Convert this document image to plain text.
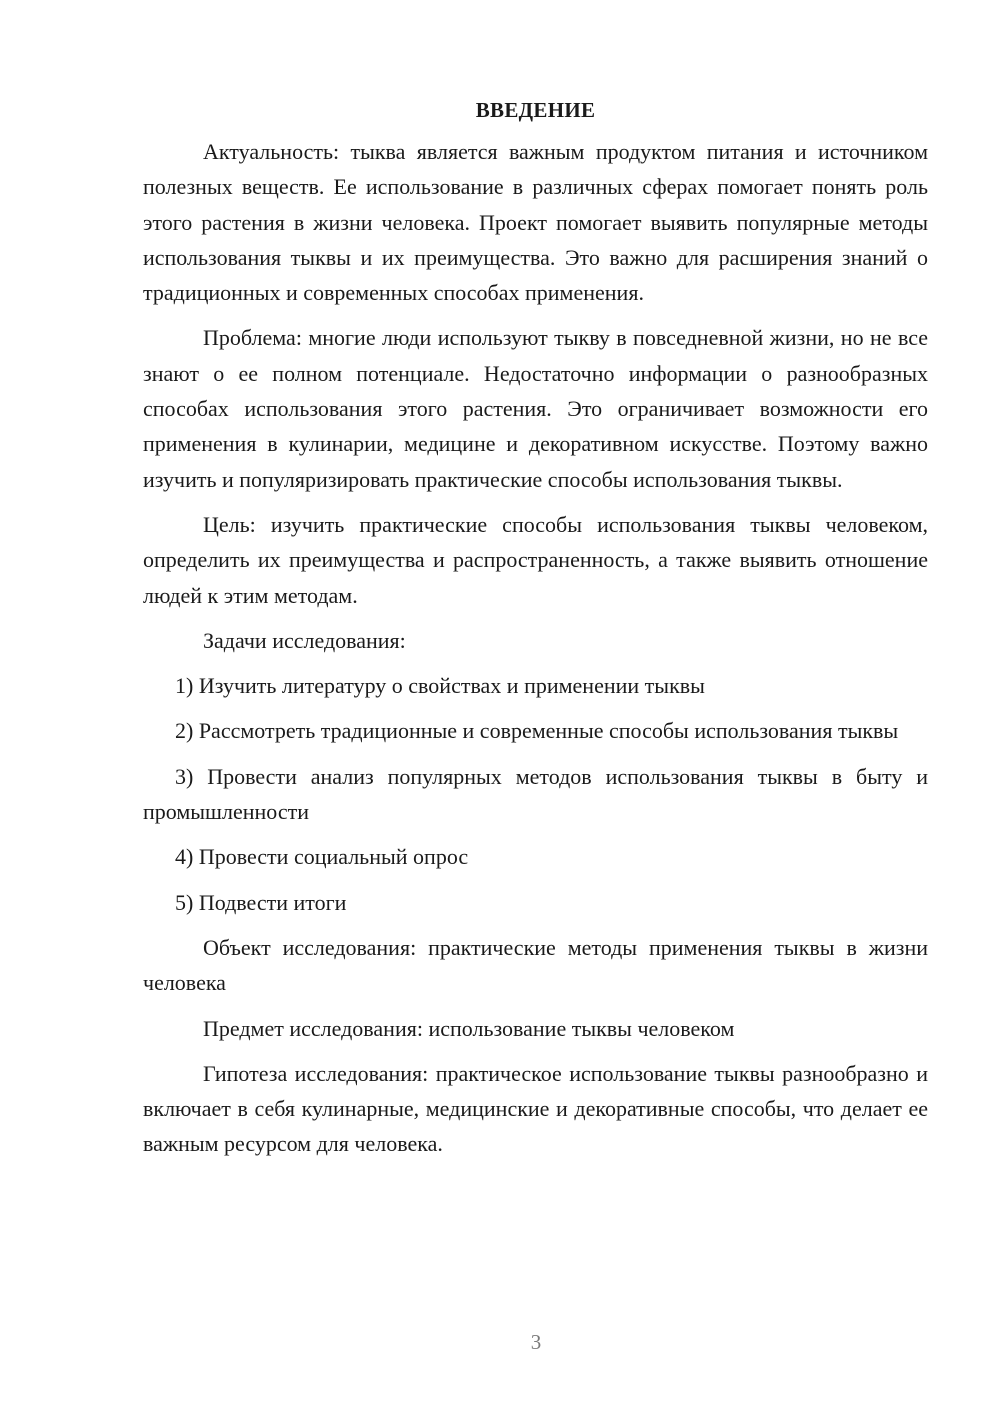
ВВЕДЕНИЕ

Актуальность: тыква является важным продуктом питания и источником полезных веществ. Ее использование в различных сферах помогает понять роль этого растения в жизни человека. Проект помогает выявить популярные методы использования тыквы и их преимущества. Это важно для расширения знаний о традиционных и современных способах применения.

Проблема: многие люди используют тыкву в повседневной жизни, но не все знают о ее полном потенциале. Недостаточно информации о разнообразных способах использования этого растения. Это ограничивает возможности его применения в кулинарии, медицине и декоративном искусстве. Поэтому важно изучить и популяризировать практические способы использования тыквы.

Цель: изучить практические способы использования тыквы человеком, определить их преимущества и распространенность, а также выявить отношение людей к этим методам.

Задачи исследования:

1) Изучить литературу о свойствах и применении тыквы

2) Рассмотреть традиционные и современные способы использования тыквы

3) Провести анализ популярных методов использования тыквы в быту и промышленности

4) Провести социальный опрос

5) Подвести итоги

Объект исследования: практические методы применения тыквы в жизни человека

Предмет исследования: использование тыквы человеком

Гипотеза исследования: практическое использование тыквы разнообразно и включает в себя кулинарные, медицинские и декоративные способы, что делает ее важным ресурсом для человека.

3
